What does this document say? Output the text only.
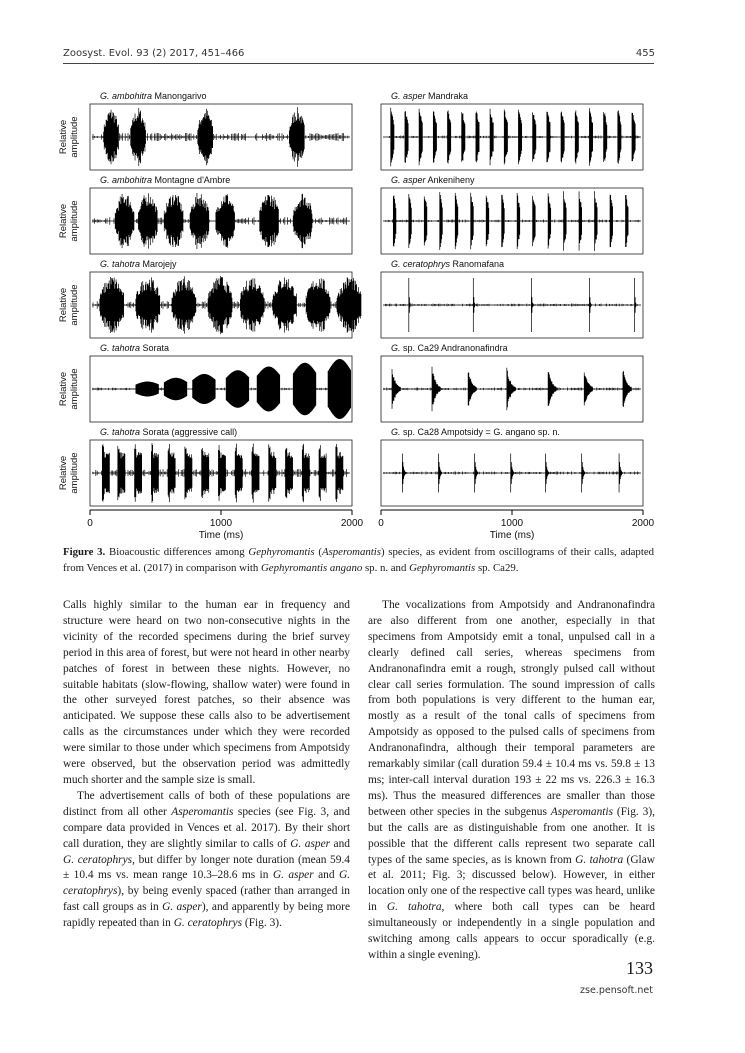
Zoosyst. Evol. 93 (2) 2017, 451–466	455
G. ambohitra Manongarivo
Relative amplitude
G. asper Mandraka
G. ambohitra Montagne d'Ambre
Relative amplitude
G. asper Ankeniheny
G. tahotra Marojejy
Relative amplitude
G. ceratophrys Ranomafana
G. tahotra Sorata
Relative amplitude
G. sp. Ca29 Andranonafindra
G. tahotra Sorata (aggressive call)
Relative amplitude
G. sp. Ca28 Ampotsidy = G. angano sp. n.
0	1000	2000
Time (ms)
0	1000	2000
Time (ms)
Figure 3. Bioacoustic differences among Gephyromantis (Asperomantis) species, as evident from oscillograms of their calls, adapted from Vences et al. (2017) in comparison with Gephyromantis angano sp. n. and Gephyromantis sp. Ca29.

Calls highly similar to the human ear in frequency and structure were heard on two non-consecutive nights in the vicinity of the recorded specimens during the brief survey period in this area of forest, but were not heard in other nearby patches of forest in between these nights. However, no suitable habitats (slow-flowing, shallow water) were found in the other surveyed forest patches, so their absence was anticipated. We suppose these calls also to be advertisement calls as the circumstances under which they were recorded were similar to those under which specimens from Ampotsidy were observed, but the observation period was admittedly much shorter and the sample size is small.

The advertisement calls of both of these populations are distinct from all other Asperomantis species (see Fig. 3, and compare data provided in Vences et al. 2017). By their short call duration, they are slightly similar to calls of G. asper and G. ceratophrys, but differ by longer note duration (mean 59.4 ± 10.4 ms vs. mean range 10.3–28.6 ms in G. asper and G. ceratophrys), by being evenly spaced (rather than arranged in fast call groups as in G. asper), and apparently by being more rapidly repeated than in G. ceratophrys (Fig. 3).

The vocalizations from Ampotsidy and Andranonafindra are also different from one another, especially in that specimens from Ampotsidy emit a tonal, unpulsed call in a clearly defined call series, whereas specimens from Andranonafindra emit a rough, strongly pulsed call without clear call series formulation. The sound impression of calls from both populations is very different to the human ear, mostly as a result of the tonal calls of specimens from Ampotsidy as opposed to the pulsed calls of specimens from Andranonafindra, although their temporal parameters are remarkably similar (call duration 59.4 ± 10.4 ms vs. 59.8 ± 13 ms; inter-call interval duration 193 ± 22 ms vs. 226.3 ± 16.3 ms). Thus the measured differences are smaller than those between other species in the subgenus Asperomantis (Fig. 3), but the calls are as distinguishable from one another. It is possible that the different calls represent two separate call types of the same species, as is known from G. tahotra (Glaw et al. 2011; Fig. 3; discussed below). However, in either location only one of the respective call types was heard, unlike in G. tahotra, where both call types can be heard simultaneously or independently in a single population and switching among calls appears to occur sporadically (e.g. within a single evening).

133
zse.pensoft.net
